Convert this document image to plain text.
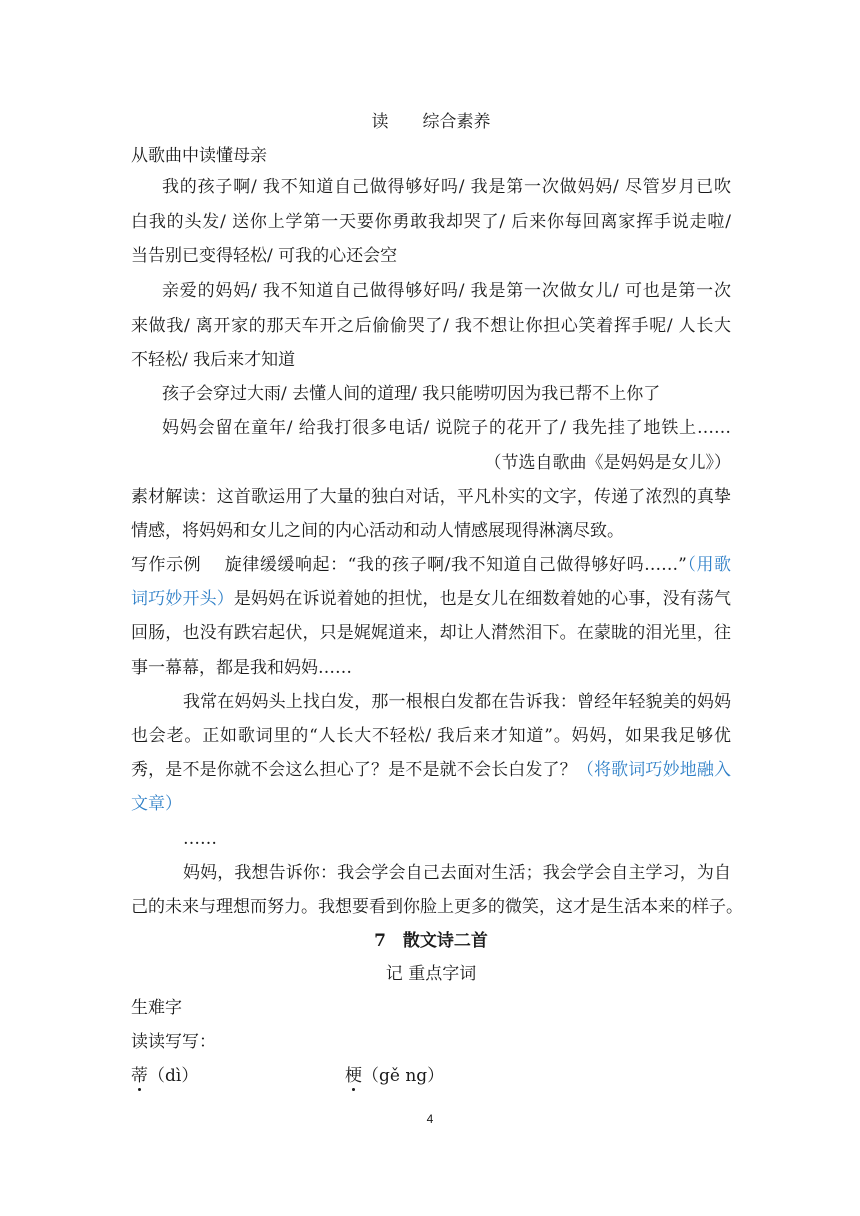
读 综合素养
从歌曲中读懂母亲
我的孩子啊/ 我不知道自己做得够好吗/ 我是第一次做妈妈/ 尽管岁月已吹
白我的头发/ 送你上学第一天要你勇敢我却哭了/ 后来你每回离家挥手说走啦/
当告别已变得轻松/ 可我的心还会空
亲爱的妈妈/ 我不知道自己做得够好吗/ 我是第一次做女儿/ 可也是第一次
来做我/ 离开家的那天车开之后偷偷哭了/ 我不想让你担心笑着挥手呢/ 人长大
不轻松/ 我后来才知道
孩子会穿过大雨/ 去懂人间的道理/ 我只能唠叨因为我已帮不上你了
妈妈会留在童年/ 给我打很多电话/ 说院子的花开了/ 我先挂了地铁上……
（节选自歌曲《是妈妈是女儿》）
素材解读：这首歌运用了大量的独白对话，平凡朴实的文字，传递了浓烈的真挚
情感，将妈妈和女儿之间的内心活动和动人情感展现得淋漓尽致。
写作示例　 旋律缓缓响起：“我的孩子啊/我不知道自己做得够好吗……”（用歌
词巧妙开头）是妈妈在诉说着她的担忧，也是女儿在细数着她的心事，没有荡气
回肠，也没有跌宕起伏，只是娓娓道来，却让人潸然泪下。在蒙眬的泪光里，往
事一幕幕，都是我和妈妈……
我常在妈妈头上找白发，那一根根白发都在告诉我：曾经年轻貌美的妈妈
也会老。正如歌词里的“人长大不轻松/ 我后来才知道”。妈妈，如果我足够优
秀，是不是你就不会这么担心了？是不是就不会长白发了？（将歌词巧妙地融入
文章）
……
妈妈，我想告诉你：我会学会自己去面对生活；我会学会自主学习，为自
己的未来与理想而努力。我想要看到你脸上更多的微笑，这才是生活本来的样子。
7　散文诗二首
记 重点字词
生难字
读读写写：
蒂（dì）	梗（gě ng）
4
